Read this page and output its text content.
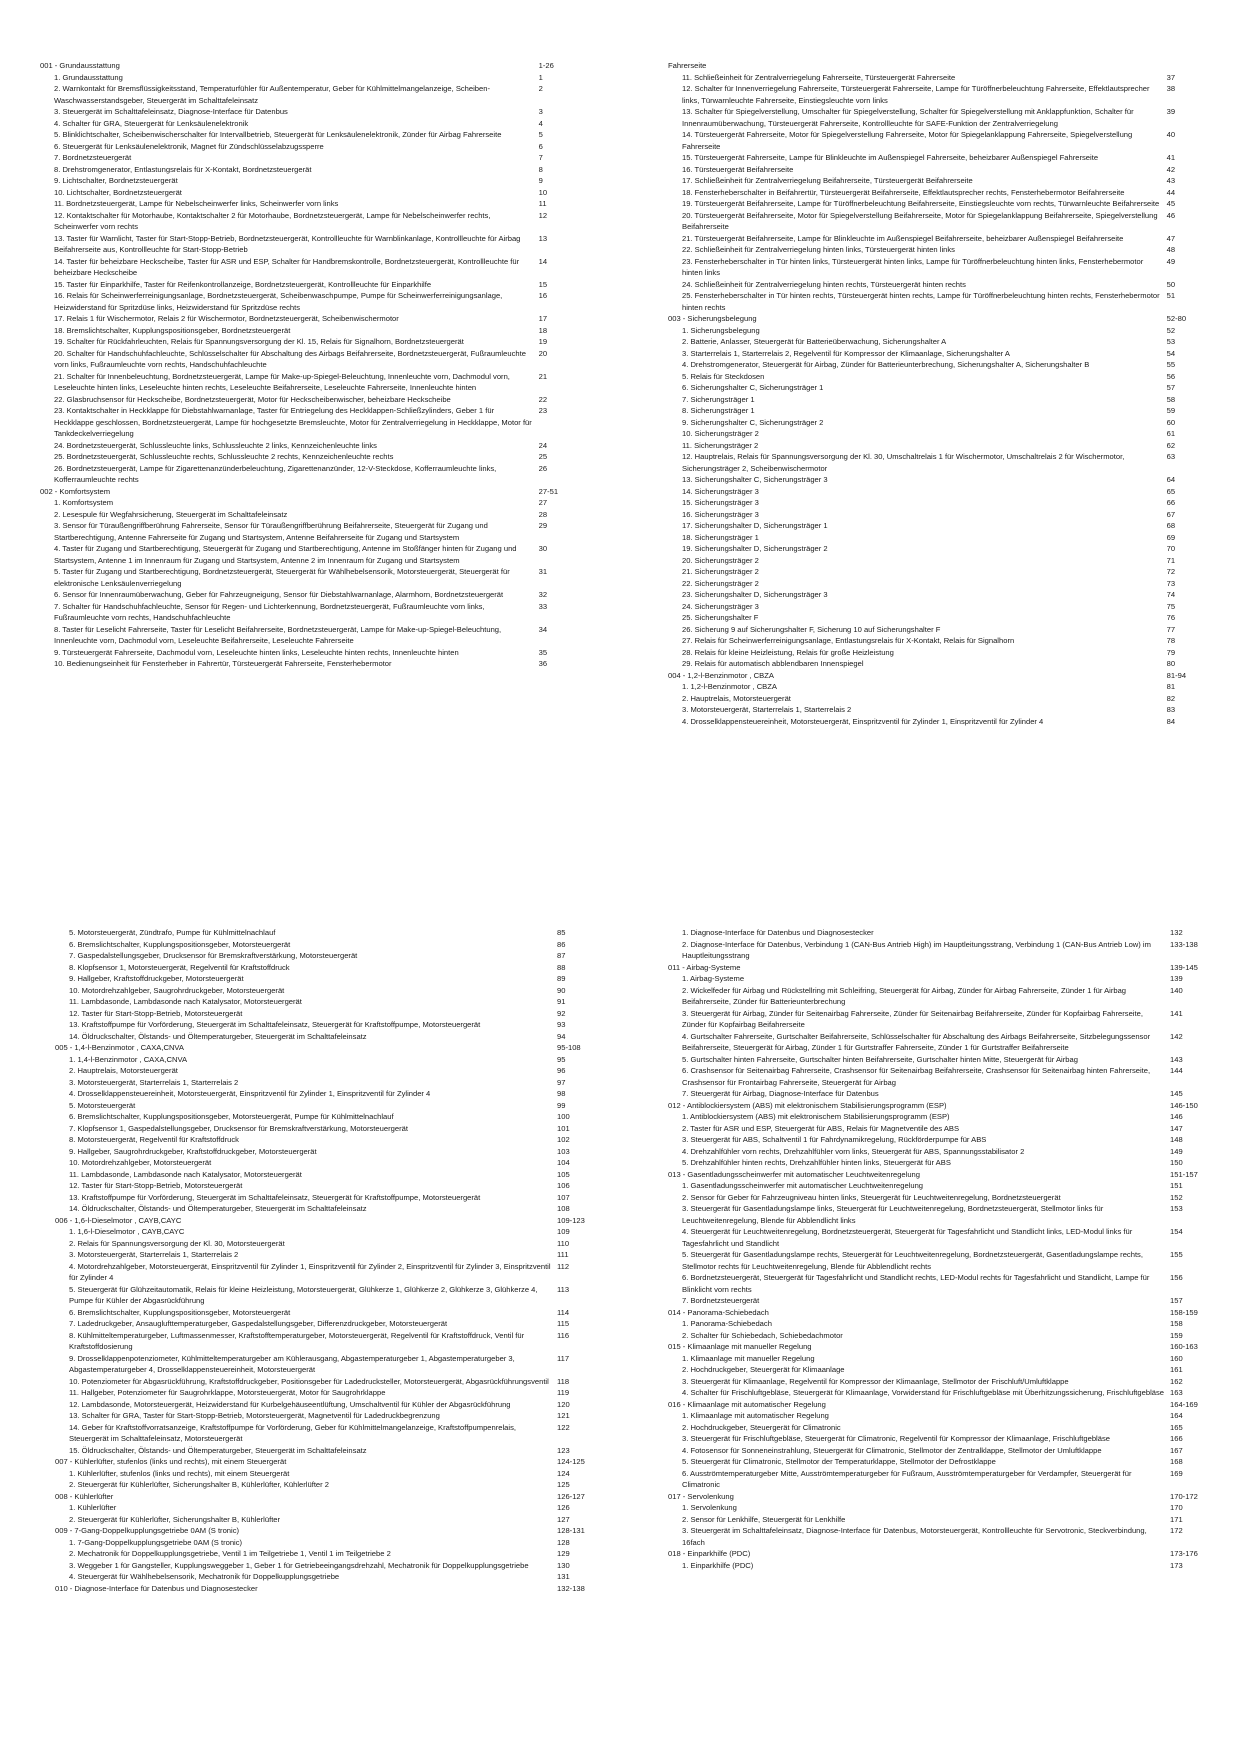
001 - Grundausstattung	1-26
1. Grundausstattung	1
2. Warnkontakt für Bremsflüssigkeitsstand, Temperaturfühler für Außentemperatur, Geber für Kühlmittelmangelanzeige, Scheiben-Waschwasserstandsgeber, Steuergerät im Schalttafeleinsatz	2
3. Steuergerät im Schalttafeleinsatz, Diagnose-Interface für Datenbus	3
4. Schalter für GRA, Steuergerät für Lenksäulenelektronik	4
5. Blinklichtschalter, Scheibenwischerschalter für Intervallbetrieb, Steuergerät für Lenksäulenelektronik, Zünder für Airbag Fahrerseite	5
6. Steuergerät für Lenksäulenelektronik, Magnet für Zündschlüsselabzugssperre	6
7. Bordnetzsteuergerät	7
8. Drehstromgenerator, Entlastungsrelais für X-Kontakt, Bordnetzsteuergerät	8
9. Lichtschalter, Bordnetzsteuergerät	9
10. Lichtschalter, Bordnetzsteuergerät	10
11. Bordnetzsteuergerät, Lampe für Nebelscheinwerfer links, Scheinwerfer vorn links	11
12. Kontaktschalter für Motorhaube, Kontaktschalter 2 für Motorhaube, Bordnetzsteuergerät, Lampe für Nebelscheinwerfer rechts, Scheinwerfer vorn rechts	12
13. Taster für Warnlicht, Taster für Start-Stopp-Betrieb, Bordnetzsteuergerät, Kontrollleuchte für Warnblinkanlage, Kontrollleuchte für Airbag Beifahrerseite aus, Kontrollleuchte für Start-Stopp-Betrieb	13
14. Taster für beheizbare Heckscheibe, Taster für ASR und ESP, Schalter für Handbremskontrolle, Bordnetzsteuergerät, Kontrollleuchte für beheizbare Heckscheibe	14
15. Taster für Einparkhilfe, Taster für Reifenkontrollanzeige, Bordnetzsteuergerät, Kontrollleuchte für Einparkhilfe	15
16. Relais für Scheinwerferreinigungsanlage, Bordnetzsteuergerät, Scheibenwaschpumpe, Pumpe für Scheinwerferreinigungsanlage, Heizwiderstand für Spritzdüse links, Heizwiderstand für Spritzdüse rechts	16
17. Relais 1 für Wischermotor, Relais 2 für Wischermotor, Bordnetzsteuergerät, Scheibenwischermotor	17
18. Bremslichtschalter, Kupplungspositionsgeber, Bordnetzsteuergerät	18
19. Schalter für Rückfahrleuchten, Relais für Spannungsversorgung der Kl. 15, Relais für Signalhorn, Bordnetzsteuergerät	19
20. Schalter für Handschuhfachleuchte, Schlüsselschalter für Abschaltung des Airbags Beifahrerseite, Bordnetzsteuergerät, Fußraumleuchte vorn links, Fußraumleuchte vorn rechts, Handschuhfachleuchte	20
21. Schalter für Innenbeleuchtung, Bordnetzsteuergerät, Lampe für Make-up-Spiegel-Beleuchtung, Innenleuchte vorn, Dachmodul vorn, Leseleuchte hinten links, Leseleuchte hinten rechts, Leseleuchte Beifahrerseite, Leseleuchte Fahrerseite, Innenleuchte hinten	21
22. Glasbruchsensor für Heckscheibe, Bordnetzsteuergerät, Motor für Heckscheibenwischer, beheizbare Heckscheibe	22
23. Kontaktschalter in Heckklappe für Diebstahlwarnanlage, Taster für Entriegelung des Heckklappen-Schließzylinders, Geber 1 für Heckklappe geschlossen, Bordnetzsteuergerät, Lampe für hochgesetzte Bremsleuchte, Motor für Zentralverriegelung in Heckklappe, Motor für Tankdeckelverriegelung	23
24. Bordnetzsteuergerät, Schlussleuchte links, Schlussleuchte 2 links, Kennzeichenleuchte links	24
25. Bordnetzsteuergerät, Schlussleuchte rechts, Schlussleuchte 2 rechts, Kennzeichenleuchte rechts	25
26. Bordnetzsteuergerät, Lampe für Zigarettenanzünderbeleuchtung, Zigarettenanzünder, 12-V-Steckdose, Kofferraumleuchte links, Kofferraumleuchte rechts	26
002 - Komfortsystem	27-51
1. Komfortsystem	27
2. Lesespule für Wegfahrsicherung, Steuergerät im Schalttafeleinsatz	28
3. Sensor für Türaußengriffberührung Fahrerseite, Sensor für Türaußengriffberührung Beifahrerseite, Steuergerät für Zugang und Startberechtigung, Antenne Fahrerseite für Zugang und Startsystem, Antenne Beifahrerseite für Zugang und Startsystem	29
4. Taster für Zugang und Startberechtigung, Steuergerät für Zugang und Startberechtigung, Antenne im Stoßfänger hinten für Zugang und Startsystem, Antenne 1 im Innenraum für Zugang und Startsystem, Antenne 2 im Innenraum für Zugang und Startsystem	30
5. Taster für Zugang und Startberechtigung, Bordnetzsteuergerät, Steuergerät für Wählhebelsensorik, Motorsteuergerät, Steuergerät für elektronische Lenksäulenverriegelung	31
6. Sensor für Innenraumüberwachung, Geber für Fahrzeugneigung, Sensor für Diebstahlwarnanlage, Alarmhorn, Bordnetzsteuergerät	32
7. Schalter für Handschuhfachleuchte, Sensor für Regen- und Lichterkennung, Bordnetzsteuergerät, Fußraumleuchte vorn links, Fußraumleuchte vorn rechts, Handschuhfachleuchte	33
8. Taster für Leselicht Fahrerseite, Taster für Leselicht Beifahrerseite, Bordnetzsteuergerät, Lampe für Make-up-Spiegel-Beleuchtung, Innenleuchte vorn, Dachmodul vorn, Leseleuchte Beifahrerseite, Leseleuchte Fahrerseite	34
9. Türsteuergerät Fahrerseite, Dachmodul vorn, Leseleuchte hinten links, Leseleuchte hinten rechts, Innenleuchte hinten	35
10. Bedienungseinheit für Fensterheber in Fahrertür, Türsteuergerät Fahrerseite, Fensterhebermotor	36
Fahrerseite	
11. Schließeinheit für Zentralverriegelung Fahrerseite, Türsteuergerät Fahrerseite	37
12. Schalter für Innenverriegelung Fahrerseite, Türsteuergerät Fahrerseite, Lampe für Türöffnerbeleuchtung Fahrerseite, Effektlautsprecher links, Türwarnleuchte Fahrerseite, Einstiegsleuchte vorn links	38
13. Schalter für Spiegelverstellung, Umschalter für Spiegelverstellung, Schalter für Spiegelverstellung mit Anklappfunktion, Schalter für Innenraumüberwachung, Türsteuergerät Fahrerseite, Kontrollleuchte für SAFE-Funktion der Zentralverriegelung	39
14. Türsteuergerät Fahrerseite, Motor für Spiegelverstellung Fahrerseite, Motor für Spiegelanklappung Fahrerseite, Spiegelverstellung Fahrerseite	40
15. Türsteuergerät Fahrerseite, Lampe für Blinkleuchte im Außenspiegel Fahrerseite, beheizbarer Außenspiegel Fahrerseite	41
16. Türsteuergerät Beifahrerseite	42
17. Schließeinheit für Zentralverriegelung Beifahrerseite, Türsteuergerät Beifahrerseite	43
18. Fensterheberschalter in Beifahrertür, Türsteuergerät Beifahrerseite, Effektlautsprecher rechts, Fensterhebermotor Beifahrerseite	44
19. Türsteuergerät Beifahrerseite, Lampe für Türöffnerbeleuchtung Beifahrerseite, Einstiegsleuchte vorn rechts, Türwarnleuchte Beifahrerseite	45
20. Türsteuergerät Beifahrerseite, Motor für Spiegelverstellung Beifahrerseite, Motor für Spiegelanklappung Beifahrerseite, Spiegelverstellung Beifahrerseite	46
21. Türsteuergerät Beifahrerseite, Lampe für Blinkleuchte im Außenspiegel Beifahrerseite, beheizbarer Außenspiegel Beifahrerseite	47
22. Schließeinheit für Zentralverriegelung hinten links, Türsteuergerät hinten links	48
23. Fensterheberschalter in Tür hinten links, Türsteuergerät hinten links, Lampe für Türöffnerbeleuchtung hinten links, Fensterhebermotor hinten links	49
24. Schließeinheit für Zentralverriegelung hinten rechts, Türsteuergerät hinten rechts	50
25. Fensterheberschalter in Tür hinten rechts, Türsteuergerät hinten rechts, Lampe für Türöffnerbeleuchtung hinten rechts, Fensterhebermotor hinten rechts	51
003 - Sicherungsbelegung	52-80
1. Sicherungsbelegung	52
2. Batterie, Anlasser, Steuergerät für Batterieüberwachung, Sicherungshalter A	53
3. Starterrelais 1, Starterrelais 2, Regelventil für Kompressor der Klimaanlage, Sicherungshalter A	54
4. Drehstromgenerator, Steuergerät für Airbag, Zünder für Batterieunterbrechung, Sicherungshalter A, Sicherungshalter B	55
5. Relais für Steckdosen	56
6. Sicherungshalter C, Sicherungsträger 1	57
7. Sicherungsträger 1	58
8. Sicherungsträger 1	59
9. Sicherungshalter C, Sicherungsträger 2	60
10. Sicherungsträger 2	61
11. Sicherungsträger 2	62
12. Hauptrelais, Relais für Spannungsversorgung der Kl. 30, Umschaltrelais 1 für Wischermotor, Umschaltrelais 2 für Wischermotor, Sicherungsträger 2, Scheibenwischermotor	63
13. Sicherungshalter C, Sicherungsträger 3	64
14. Sicherungsträger 3	65
15. Sicherungsträger 3	66
16. Sicherungsträger 3	67
17. Sicherungshalter D, Sicherungsträger 1	68
18. Sicherungsträger 1	69
19. Sicherungshalter D, Sicherungsträger 2	70
20. Sicherungsträger 2	71
21. Sicherungsträger 2	72
22. Sicherungsträger 2	73
23. Sicherungshalter D, Sicherungsträger 3	74
24. Sicherungsträger 3	75
25. Sicherungshalter F	76
26. Sicherung 9 auf Sicherungshalter F, Sicherung 10 auf Sicherungshalter F	77
27. Relais für Scheinwerferreinigungsanlage, Entlastungsrelais für X-Kontakt, Relais für Signalhorn	78
28. Relais für kleine Heizleistung, Relais für große Heizleistung	79
29. Relais für automatisch abblendbaren Innenspiegel	80
004 - 1,2-l-Benzinmotor , CBZA	81-94
1. 1,2-l-Benzinmotor , CBZA	81
2. Hauptrelais, Motorsteuergerät	82
3. Motorsteuergerät, Starterrelais 1, Starterrelais 2	83
4. Drosselklappensteuereinheit, Motorsteuergerät, Einspritzventil für Zylinder 1, Einspritzventil für Zylinder 4	84
5. Motorsteuergerät, Zündtrafo, Pumpe für Kühlmittelnachlauf	85
6. Bremslichtschalter, Kupplungspositionsgeber, Motorsteuergerät	86
7. Gaspedalstellungsgeber, Drucksensor für Bremskraftverstärkung, Motorsteuergerät	87
8. Klopfsensor 1, Motorsteuergerät, Regelventil für Kraftstoffdruck	88
9. Hallgeber, Kraftstoffdruckgeber, Motorsteuergerät	89
10. Motordrehzahlgeber, Saugrohrdruckgeber, Motorsteuergerät	90
11. Lambdasonde, Lambdasonde nach Katalysator, Motorsteuergerät	91
12. Taster für Start-Stopp-Betrieb, Motorsteuergerät	92
13. Kraftstoffpumpe für Vorförderung, Steuergerät im Schalttafeleinsatz, Steuergerät für Kraftstoffpumpe, Motorsteuergerät	93
14. Öldruckschalter, Ölstands- und Öltemperaturgeber, Steuergerät im Schalttafeleinsatz	94
005 - 1,4-l-Benzinmotor , CAXA,CNVA	95-108
1. 1,4-l-Benzinmotor , CAXA,CNVA	95
2. Hauptrelais, Motorsteuergerät	96
3. Motorsteuergerät, Starterrelais 1, Starterrelais 2	97
4. Drosselklappensteuereinheit, Motorsteuergerät, Einspritzventil für Zylinder 1, Einspritzventil für Zylinder 4	98
5. Motorsteuergerät	99
6. Bremslichtschalter, Kupplungspositionsgeber, Motorsteuergerät, Pumpe für Kühlmittelnachlauf	100
7. Klopfsensor 1, Gaspedalstellungsgeber, Drucksensor für Bremskraftverstärkung, Motorsteuergerät	101
8. Motorsteuergerät, Regelventil für Kraftstoffdruck	102
9. Hallgeber, Saugrohrdruckgeber, Kraftstoffdruckgeber, Motorsteuergerät	103
10. Motordrehzahlgeber, Motorsteuergerät	104
11. Lambdasonde, Lambdasonde nach Katalysator, Motorsteuergerät	105
12. Taster für Start-Stopp-Betrieb, Motorsteuergerät	106
13. Kraftstoffpumpe für Vorförderung, Steuergerät im Schalttafeleinsatz, Steuergerät für Kraftstoffpumpe, Motorsteuergerät	107
14. Öldruckschalter, Ölstands- und Öltemperaturgeber, Steuergerät im Schalttafeleinsatz	108
006 - 1,6-l-Dieselmotor , CAYB,CAYC	109-123
1. 1,6-l-Dieselmotor , CAYB,CAYC	109
2. Relais für Spannungsversorgung der Kl. 30, Motorsteuergerät	110
3. Motorsteuergerät, Starterrelais 1, Starterrelais 2	111
4. Motordrehzahlgeber, Motorsteuergerät, Einspritzventil für Zylinder 1, Einspritzventil für Zylinder 2, Einspritzventil für Zylinder 3, Einspritzventil für Zylinder 4	112
5. Steuergerät für Glühzeitautomatik, Relais für kleine Heizleistung, Motorsteuergerät, Glühkerze 1, Glühkerze 2, Glühkerze 3, Glühkerze 4, Pumpe für Kühler der Abgasrückführung	113
6. Bremslichtschalter, Kupplungspositionsgeber, Motorsteuergerät	114
7. Ladedruckgeber, Ansauglufttemperaturgeber, Gaspedalstellungsgeber, Differenzdruckgeber, Motorsteuergerät	115
8. Kühlmitteltemperaturgeber, Luftmassenmesser, Kraftstofftemperaturgeber, Motorsteuergerät, Regelventil für Kraftstoffdruck, Ventil für Kraftstoffdosierung	116
9. Drosselklappenpotenziometer, Kühlmitteltemperaturgeber am Kühlerausgang, Abgastemperaturgeber 1, Abgastemperaturgeber 3, Abgastemperaturgeber 4, Drosselklappensteuereinheit, Motorsteuergerät	117
10. Potenziometer für Abgasrückführung, Kraftstoffdruckgeber, Positionsgeber für Ladedrucksteller, Motorsteuergerät, Abgasrückführungsventil	118
11. Hallgeber, Potenziometer für Saugrohrklappe, Motorsteuergerät, Motor für Saugrohrklappe	119
12. Lambdasonde, Motorsteuergerät, Heizwiderstand für Kurbelgehäuseentlüftung, Umschaltventil für Kühler der Abgasrückführung	120
13. Schalter für GRA, Taster für Start-Stopp-Betrieb, Motorsteuergerät, Magnetventil für Ladedruckbegrenzung	121
14. Geber für Kraftstoffvorratsanzeige, Kraftstoffpumpe für Vorförderung, Geber für Kühlmittelmangelanzeige, Kraftstoffpumpenrelais, Steuergerät im Schalttafeleinsatz, Motorsteuergerät	122
15. Öldruckschalter, Ölstands- und Öltemperaturgeber, Steuergerät im Schalttafeleinsatz	123
007 - Kühlerlüfter, stufenlos (links und rechts), mit einem Steuergerät	124-125
1. Kühlerlüfter, stufenlos (links und rechts), mit einem Steuergerät	124
2. Steuergerät für Kühlerlüfter, Sicherungshalter B, Kühlerlüfter, Kühlerlüfter 2	125
008 - Kühlerlüfter	126-127
1. Kühlerlüfter	126
2. Steuergerät für Kühlerlüfter, Sicherungshalter B, Kühlerlüfter	127
009 - 7-Gang-Doppelkupplungsgetriebe 0AM (S tronic)	128-131
1. 7-Gang-Doppelkupplungsgetriebe 0AM (S tronic)	128
2. Mechatronik für Doppelkupplungsgetriebe, Ventil 1 im Teilgetriebe 1, Ventil 1 im Teilgetriebe 2	129
3. Weggeber 1 für Gangsteller, Kupplungsweggeber 1, Geber 1 für Getriebeeingangsdrehzahl, Mechatronik für Doppelkupplungsgetriebe	130
4. Steuergerät für Wählhebelsensorik, Mechatronik für Doppelkupplungsgetriebe	131
010 - Diagnose-Interface für Datenbus und Diagnosestecker	132-138
1. Diagnose-Interface für Datenbus und Diagnosestecker	132
2. Diagnose-Interface für Datenbus, Verbindung 1 (CAN-Bus Antrieb High) im Hauptleitungsstrang, Verbindung 1 (CAN-Bus Antrieb Low) im Hauptleitungsstrang	133-138
011 - Airbag-Systeme	139-145
1. Airbag-Systeme	139
2. Wickelfeder für Airbag und Rückstellring mit Schleifring, Steuergerät für Airbag, Zünder für Airbag Fahrerseite, Zünder 1 für Airbag Beifahrerseite, Zünder für Batterieunterbrechung	140
3. Steuergerät für Airbag, Zünder für Seitenairbag Fahrerseite, Zünder für Seitenairbag Beifahrerseite, Zünder für Kopfairbag Fahrerseite, Zünder für Kopfairbag Beifahrerseite	141
4. Gurtschalter Fahrerseite, Gurtschalter Beifahrerseite, Schlüsselschalter für Abschaltung des Airbags Beifahrerseite, Sitzbelegungssensor Beifahrerseite, Steuergerät für Airbag, Zünder 1 für Gurtstraffer Fahrerseite, Zünder 1 für Gurtstraffer Beifahrerseite	142
5. Gurtschalter hinten Fahrerseite, Gurtschalter hinten Beifahrerseite, Gurtschalter hinten Mitte, Steuergerät für Airbag	143
6. Crashsensor für Seitenairbag Fahrerseite, Crashsensor für Seitenairbag Beifahrerseite, Crashsensor für Seitenairbag hinten Fahrerseite, Crashsensor für Frontairbag Fahrerseite, Steuergerät für Airbag	144
7. Steuergerät für Airbag, Diagnose-Interface für Datenbus	145
012 - Antiblockiersystem (ABS) mit elektronischem Stabilisierungsprogramm (ESP)	146-150
1. Antiblockiersystem (ABS) mit elektronischem Stabilisierungsprogramm (ESP)	146
2. Taster für ASR und ESP, Steuergerät für ABS, Relais für Magnetventile des ABS	147
3. Steuergerät für ABS, Schaltventil 1 für Fahrdynamikregelung, Rückförderpumpe für ABS	148
4. Drehzahlfühler vorn rechts, Drehzahlfühler vorn links, Steuergerät für ABS, Spannungsstabilisator 2	149
5. Drehzahlfühler hinten rechts, Drehzahlfühler hinten links, Steuergerät für ABS	150
013 - Gasentladungsscheinwerfer mit automatischer Leuchtweitenregelung	151-157
1. Gasentladungsscheinwerfer mit automatischer Leuchtweitenregelung	151
2. Sensor für Geber für Fahrzeugniveau hinten links, Steuergerät für Leuchtweitenregelung, Bordnetzsteuergerät	152
3. Steuergerät für Gasentladungslampe links, Steuergerät für Leuchtweitenregelung, Bordnetzsteuergerät, Stellmotor links für Leuchtweitenregelung, Blende für Abblendlicht links	153
4. Steuergerät für Leuchtweitenregelung, Bordnetzsteuergerät, Steuergerät für Tagesfahrlicht und Standlicht links, LED-Modul links für Tagesfahrlicht und Standlicht	154
5. Steuergerät für Gasentladungslampe rechts, Steuergerät für Leuchtweitenregelung, Bordnetzsteuergerät, Gasentladungslampe rechts, Stellmotor rechts für Leuchtweitenregelung, Blende für Abblendlicht rechts	155
6. Bordnetzsteuergerät, Steuergerät für Tagesfahrlicht und Standlicht rechts, LED-Modul rechts für Tagesfahrlicht und Standlicht, Lampe für Blinklicht vorn rechts	156
7. Bordnetzsteuergerät	157
014 - Panorama-Schiebedach	158-159
1. Panorama-Schiebedach	158
2. Schalter für Schiebedach, Schiebedachmotor	159
015 - Klimaanlage mit manueller Regelung	160-163
1. Klimaanlage mit manueller Regelung	160
2. Hochdruckgeber, Steuergerät für Klimaanlage	161
3. Steuergerät für Klimaanlage, Regelventil für Kompressor der Klimaanlage, Stellmotor der Frischluft/Umluftklappe	162
4. Schalter für Frischluftgebläse, Steuergerät für Klimaanlage, Vorwiderstand für Frischluftgebläse mit Überhitzungssicherung, Frischluftgebläse	163
016 - Klimaanlage mit automatischer Regelung	164-169
1. Klimaanlage mit automatischer Regelung	164
2. Hochdruckgeber, Steuergerät für Climatronic	165
3. Steuergerät für Frischluftgebläse, Steuergerät für Climatronic, Regelventil für Kompressor der Klimaanlage, Frischluftgebläse	166
4. Fotosensor für Sonneneinstrahlung, Steuergerät für Climatronic, Stellmotor der Zentralklappe, Stellmotor der Umluftklappe	167
5. Steuergerät für Climatronic, Stellmotor der Temperaturklappe, Stellmotor der Defrostklappe	168
6. Ausströmtemperaturgeber Mitte, Ausströmtemperaturgeber für Fußraum, Ausströmtemperaturgeber für Verdampfer, Steuergerät für Climatronic	169
017 - Servolenkung	170-172
1. Servolenkung	170
2. Sensor für Lenkhilfe, Steuergerät für Lenkhilfe	171
3. Steuergerät im Schalttafeleinsatz, Diagnose-Interface für Datenbus, Motorsteuergerät, Kontrollleuchte für Servotronic, Steckverbindung, 16fach	172
018 - Einparkhilfe (PDC)	173-176
1. Einparkhilfe (PDC)	173
